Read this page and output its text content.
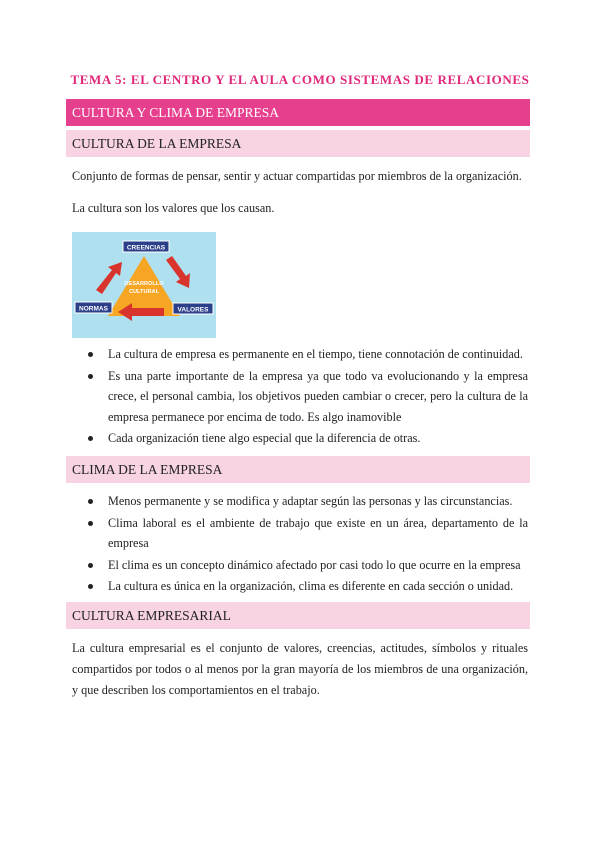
TEMA 5: EL CENTRO Y EL AULA COMO SISTEMAS DE RELACIONES
CULTURA Y CLIMA DE EMPRESA
CULTURA DE LA EMPRESA

Conjunto de formas de pensar, sentir y actuar compartidas por miembros de la organización.

La cultura son los valores que los causan.

DESARROLLO
CULTURAL
CREENCIAS
NORMAS	VALORES
La cultura de empresa es permanente en el tiempo, tiene connotación de continuidad.
Es una parte importante de la empresa ya que todo va evolucionando y la empresa crece, el personal cambia, los objetivos pueden cambiar o crecer, pero la cultura de la empresa permanece por encima de todo. Es algo inamovible
Cada organización tiene algo especial que la diferencia de otras.
CLIMA DE LA EMPRESA
Menos permanente y se modifica y adaptar según las personas y las circunstancias.
Clima laboral es el ambiente de trabajo que existe en un área, departamento de la empresa
El clima es un concepto dinámico afectado por casi todo lo que ocurre en la empresa
La cultura es única en la organización, clima es diferente en cada sección o unidad.
CULTURA EMPRESARIAL

La cultura empresarial es el conjunto de valores, creencias, actitudes, símbolos y rituales compartidos por todos o al menos por la gran mayoría de los miembros de una organización, y que describen los comportamientos en el trabajo.
